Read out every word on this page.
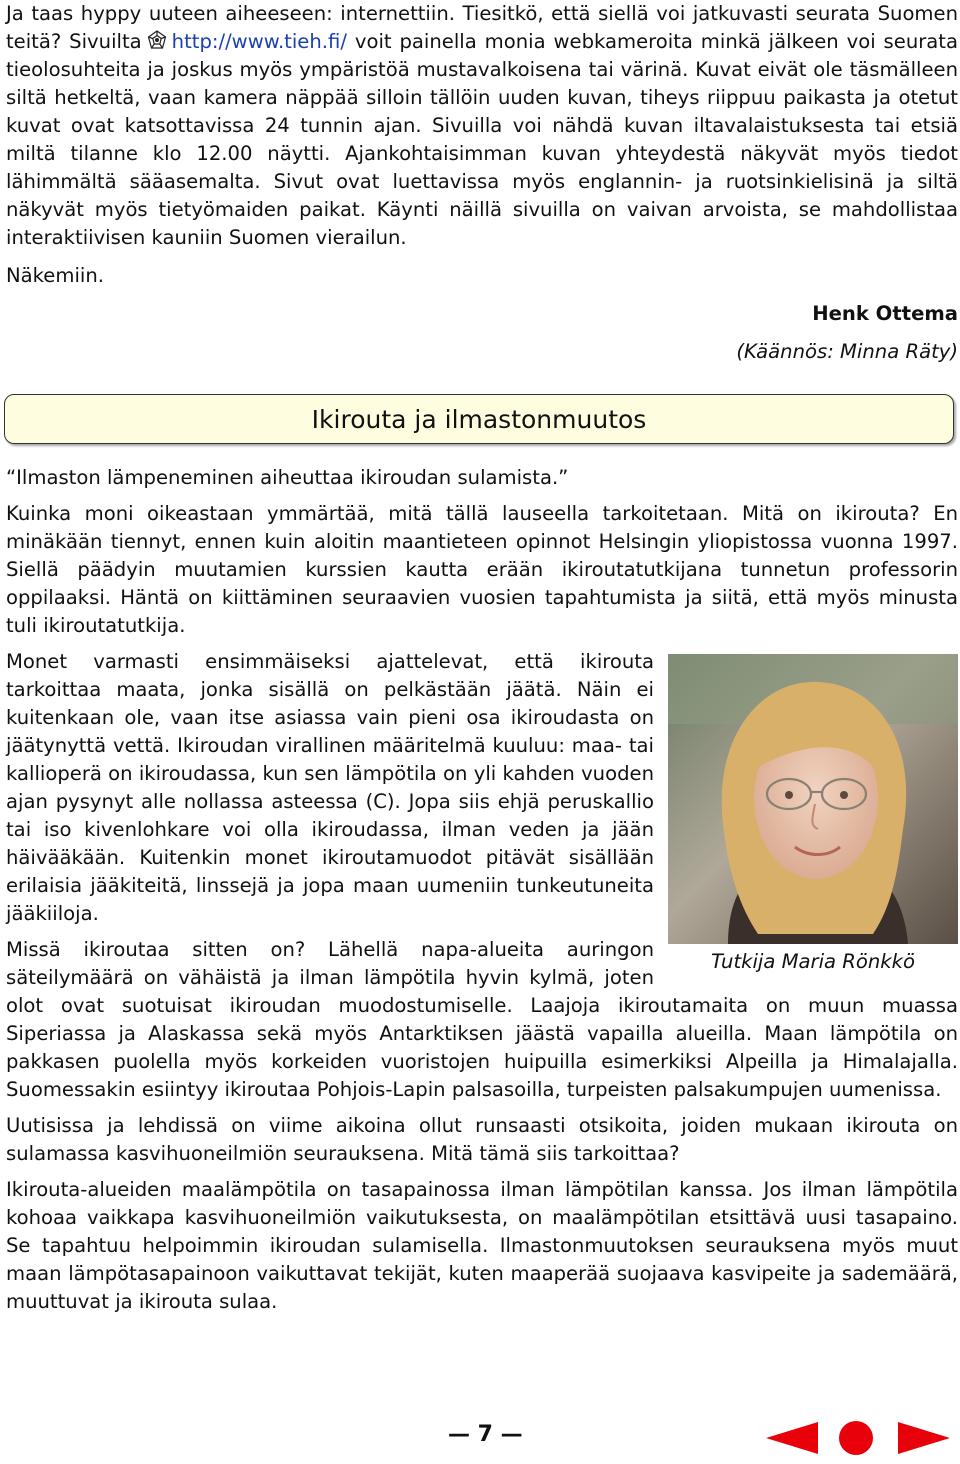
Ja taas hyppy uuteen aiheeseen: internettiin. Tiesitkö, että siellä voi jatkuvasti seurata Suomen teitä? Sivuilta http://www.tieh.fi/ voit painella monia webkameroita minkä jälkeen voi seurata tieolosuhteita ja joskus myös ympäristöä mustavalkoisena tai värinä. Kuvat eivät ole täsmälleen siltä hetkeltä, vaan kamera näppää silloin tällöin uuden kuvan, tiheys riippuu paikasta ja otetut kuvat ovat katsottavissa 24 tunnin ajan. Sivuilla voi nähdä kuvan iltavalaistuksesta tai etsiä miltä tilanne klo 12.00 näytti. Ajankohtaisimman kuvan yhteydestä näkyvät myös tiedot lähimmältä sääasemalta. Sivut ovat luettavissa myös englannin- ja ruotsinkielisinä ja siltä näkyvät myös tietyömaiden paikat. Käynti näillä sivuilla on vaivan arvoista, se mahdollistaa interaktiivisen kauniin Suomen vierailun.

Näkemiin.

Henk Ottema
(Käännös: Minna Räty)
Ikirouta ja ilmastonmuutos

“Ilmaston lämpeneminen aiheuttaa ikiroudan sulamista.”

Kuinka moni oikeastaan ymmärtää, mitä tällä lauseella tarkoitetaan. Mitä on ikirouta? En minäkään tiennyt, ennen kuin aloitin maantieteen opinnot Helsingin yliopistossa vuonna 1997. Siellä päädyin muutamien kurssien kautta erään ikiroutatutkijana tunnetun professorin oppilaaksi. Häntä on kiittäminen seuraavien vuosien tapahtumista ja siitä, että myös minusta tuli ikiroutatutkija.

Tutkija Maria Rönkkö

Monet varmasti ensimmäiseksi ajattelevat, että ikirouta tarkoittaa maata, jonka sisällä on pelkästään jäätä. Näin ei kuitenkaan ole, vaan itse asiassa vain pieni osa ikiroudasta on jäätynyttä vettä. Ikiroudan virallinen määritelmä kuuluu: maa- tai kallioperä on ikiroudassa, kun sen lämpötila on yli kahden vuoden ajan pysynyt alle nollassa asteessa (C). Jopa siis ehjä peruskallio tai iso kivenlohkare voi olla ikiroudassa, ilman veden ja jään häivääkään. Kuitenkin monet ikiroutamuodot pitävät sisällään erilaisia jääkiteitä, linssejä ja jopa maan uumeniin tunkeutuneita jääkiiloja.

Missä ikiroutaa sitten on? Lähellä napa-alueita auringon säteilymäärä on vähäistä ja ilman lämpötila hyvin kylmä, joten olot ovat suotuisat ikiroudan muodostumiselle. Laajoja ikiroutamaita on muun muassa Siperiassa ja Alaskassa sekä myös Antarktiksen jäästä vapailla alueilla. Maan lämpötila on pakkasen puolella myös korkeiden vuoristojen huipuilla esimerkiksi Alpeilla ja Himalajalla. Suomessakin esiintyy ikiroutaa Pohjois-Lapin palsasoilla, turpeisten palsakumpujen uumenissa.

Uutisissa ja lehdissä on viime aikoina ollut runsaasti otsikoita, joiden mukaan ikirouta on sulamassa kasvihuoneilmiön seurauksena. Mitä tämä siis tarkoittaa?

Ikirouta-alueiden maalämpötila on tasapainossa ilman lämpötilan kanssa. Jos ilman lämpötila kohoaa vaikkapa kasvihuoneilmiön vaikutuksesta, on maalämpötilan etsittävä uusi tasapaino. Se tapahtuu helpoimmin ikiroudan sulamisella. Ilmastonmuutoksen seurauksena myös muut maan lämpötasapainoon vaikuttavat tekijät, kuten maaperää suojaava kasvipeite ja sademäärä, muuttuvat ja ikirouta sulaa.

— 7 —
